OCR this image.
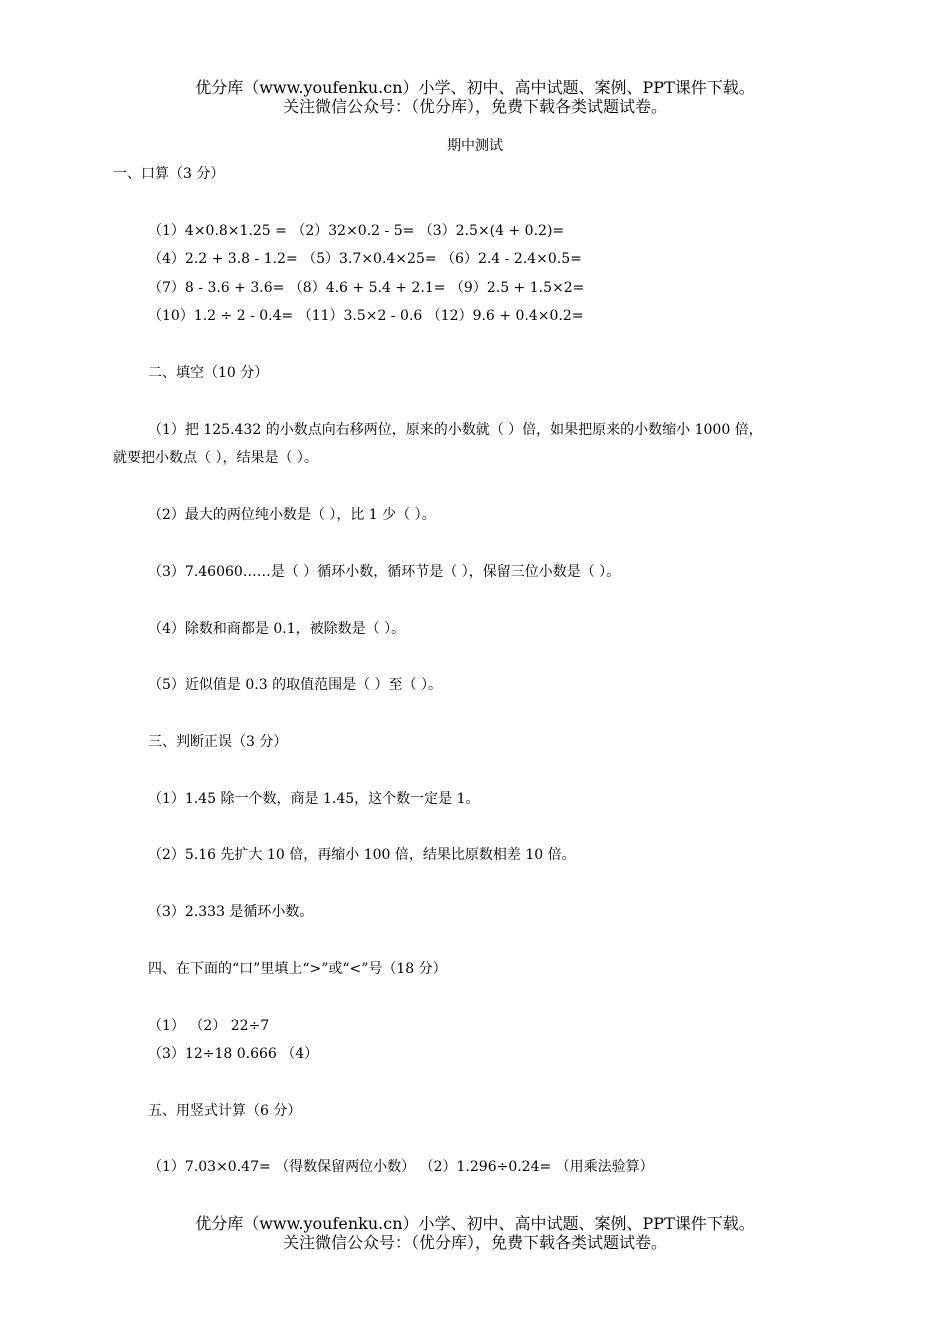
优分库（www.youfenku.cn）小学、初中、高中试题、案例、PPT课件下载。
关注微信公众号：（优分库），免费下载各类试题试卷。
期中测试
一、口算（3 分）
（1）4×0.8×1.25 = （2）32×0.2 - 5= （3）2.5×(4 + 0.2)=
（4）2.2 + 3.8 - 1.2= （5）3.7×0.4×25= （6）2.4 - 2.4×0.5=
（7）8 - 3.6 + 3.6= （8）4.6 + 5.4 + 2.1= （9）2.5 + 1.5×2=
（10）1.2 ÷ 2 - 0.4= （11）3.5×2 - 0.6 （12）9.6 + 0.4×0.2=
二、填空（10 分）
（1）把 125.432 的小数点向右移两位，原来的小数就（ ）倍，如果把原来的小数缩小 1000 倍，
就要把小数点（ ），结果是（ ）。
（2）最大的两位纯小数是（ ），比 1 少（ ）。
（3）7.46060……是（ ）循环小数，循环节是（ ），保留三位小数是（ ）。
（4）除数和商都是 0.1，被除数是（ ）。
（5）近似值是 0.3 的取值范围是（ ）至（ ）。
三、判断正误（3 分）
（1）1.45 除一个数，商是 1.45，这个数一定是 1。
（2）5.16 先扩大 10 倍，再缩小 100 倍，结果比原数相差 10 倍。
（3）2.333 是循环小数。
四、在下面的“口”里填上“>”或“<”号（18 分）
（1） （2） 22÷7
（3）12÷18 0.666 （4）
五、用竖式计算（6 分）
（1）7.03×0.47= （得数保留两位小数） （2）1.296÷0.24= （用乘法验算）
优分库（www.youfenku.cn）小学、初中、高中试题、案例、PPT课件下载。
关注微信公众号：（优分库），免费下载各类试题试卷。
